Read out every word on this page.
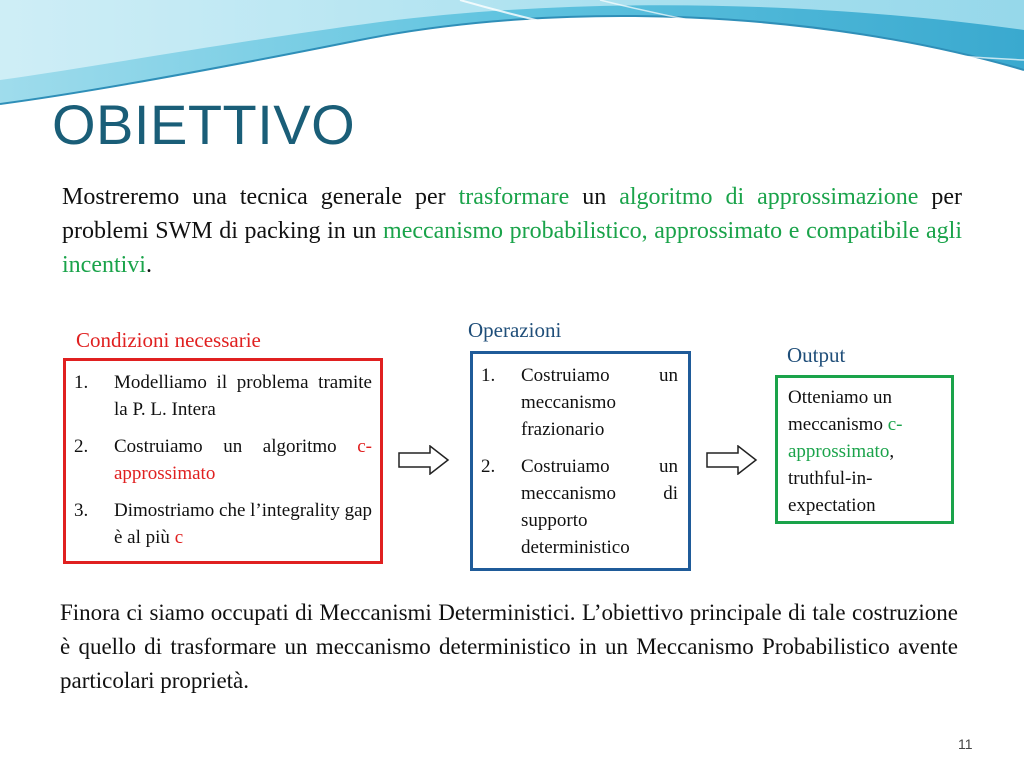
OBIETTIVO
Mostreremo una tecnica generale per trasformare un algoritmo di approssimazione per problemi SWM di packing in un meccanismo probabilistico, approssimato e compatibile agli incentivi.
Condizioni necessarie
1.	Modelliamo il problema tramite la P. L. Intera
2.	Costruiamo un algoritmo c-approssimato
3.	Dimostriamo che l’integrality gap è al più c
Operazioni
1.	Costruiamo un meccanismo frazionario
2.	Costruiamo un meccanismo di supporto deterministico
Output
Otteniamo un meccanismo c-approssimato, truthful-in-expectation
Finora ci siamo occupati di Meccanismi Deterministici. L’obiettivo principale di tale costruzione è quello di trasformare un meccanismo deterministico in un Meccanismo Probabilistico avente particolari proprietà.
11
